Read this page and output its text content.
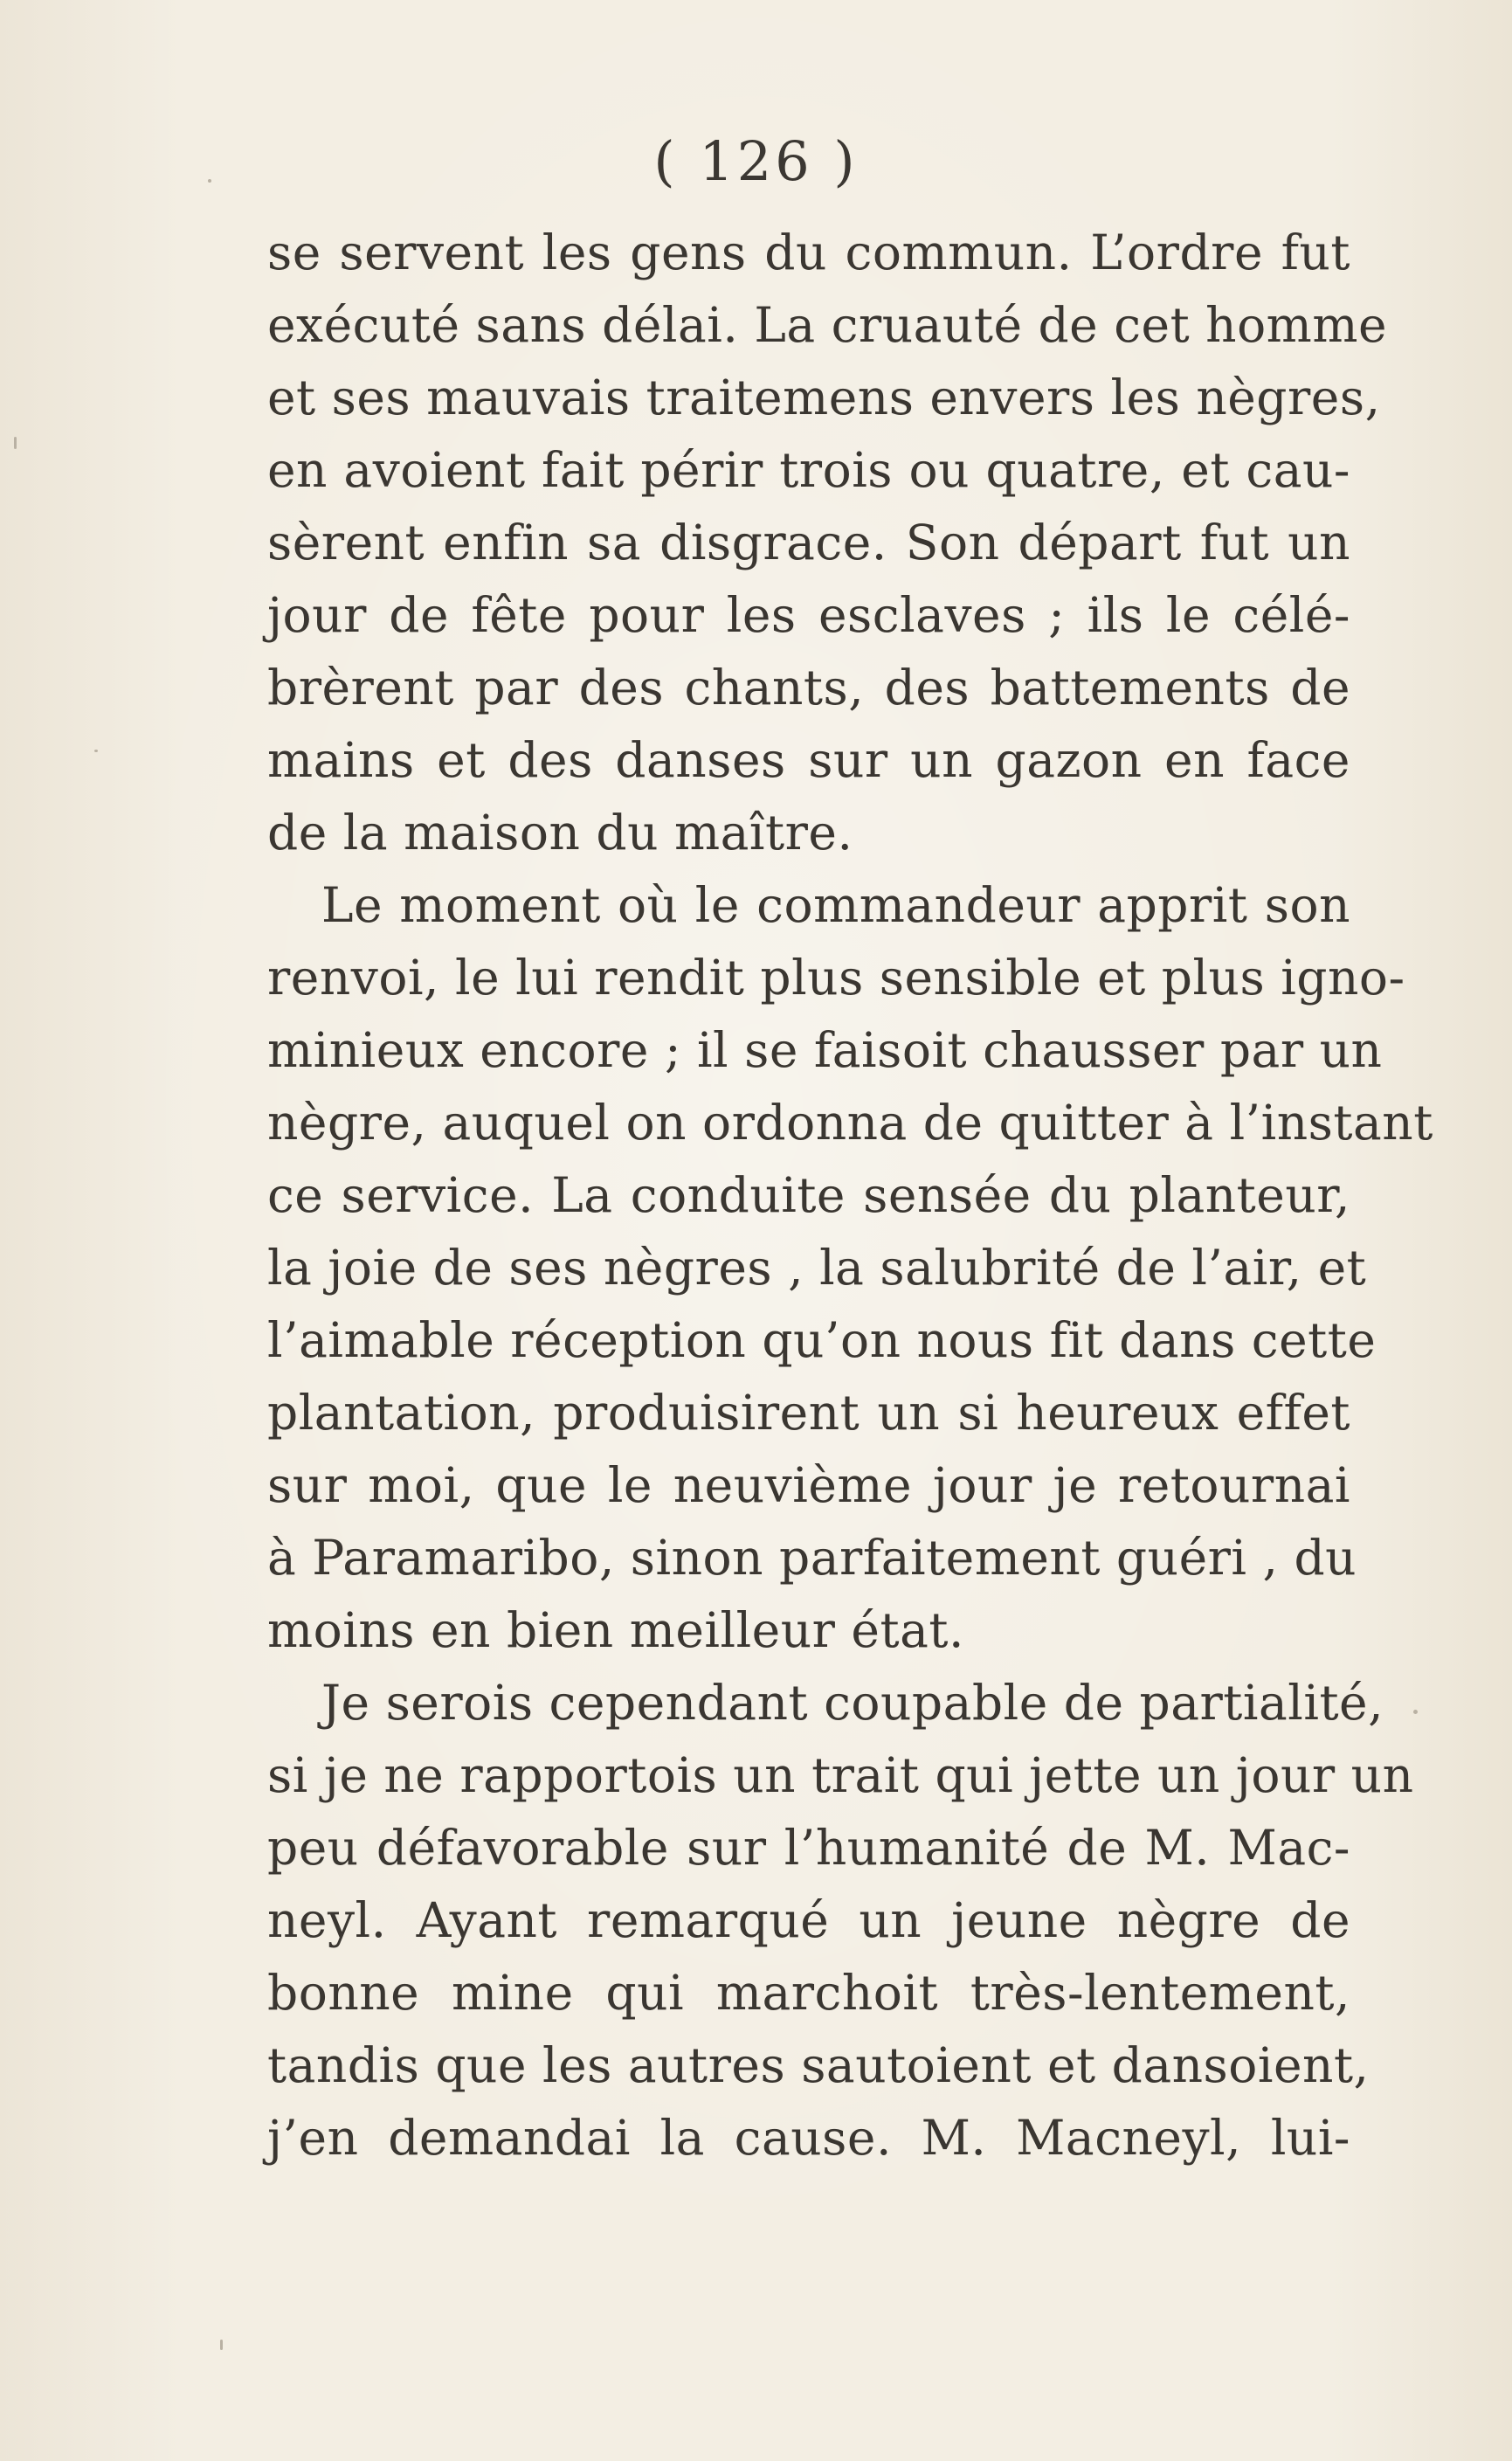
( 126 )
se servent les gens du commun. L’ordre fut
exécuté sans délai. La cruauté de cet homme
et ses mauvais traitemens envers les nègres,
en avoient fait périr trois ou quatre, et cau-
sèrent enfin sa disgrace. Son départ fut un
jour de fête pour les esclaves ; ils le célé-
brèrent par des chants, des battements de
mains et des danses sur un gazon en face
de la maison du maître.
Le moment où le commandeur apprit son
renvoi, le lui rendit plus sensible et plus igno-
minieux encore ; il se faisoit chausser par un
nègre, auquel on ordonna de quitter à l’instant
ce service. La conduite sensée du planteur,
la joie de ses nègres , la salubrité de l’air, et
l’aimable réception qu’on nous fit dans cette
plantation, produisirent un si heureux effet
sur moi, que le neuvième jour je retournai
à Paramaribo, sinon parfaitement guéri , du
moins en bien meilleur état.
Je serois cependant coupable de partialité,
si je ne rapportois un trait qui jette un jour un
peu défavorable sur l’humanité de M. Mac-
neyl. Ayant remarqué un jeune nègre de
bonne mine qui marchoit très-lentement,
tandis que les autres sautoient et dansoient,
j’en demandai la cause. M. Macneyl, lui-
